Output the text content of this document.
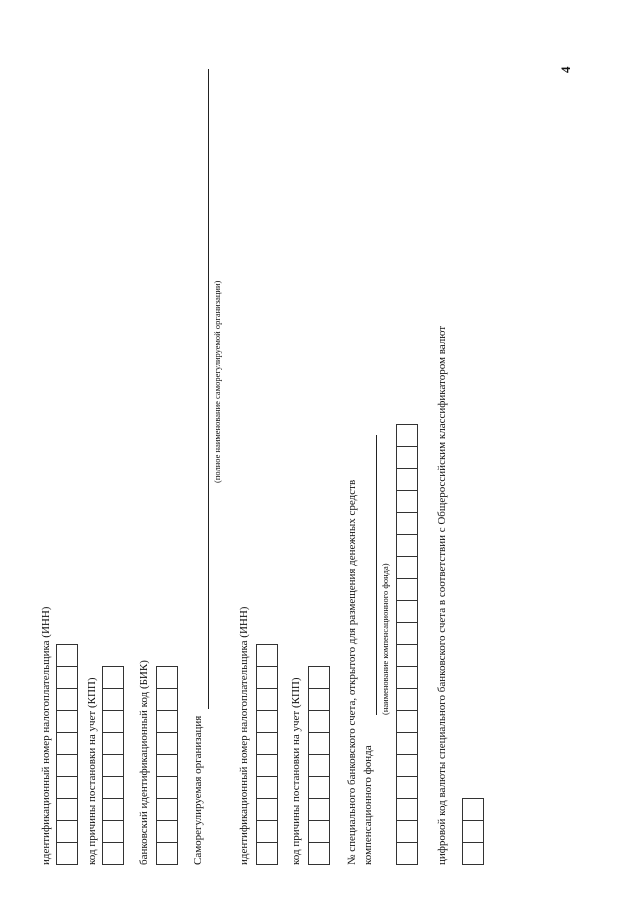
идентификационный номер налогоплательщика (ИНН)	код причины постановки на учет (КПП)	банковский идентификационный код (БИК)	Саморегулируемая организация
(полное наименование саморегулируемой организации)
идентификационный номер налогоплательщика (ИНН)	код причины постановки на учет (КПП)	№ специального банковского счета, открытого для размещения денежных средств компенсационного фонда
(наименование компенсационного фонда)	цифровой код валюты специального банковского счета в соответствии с Общероссийским классификатором валют
4
